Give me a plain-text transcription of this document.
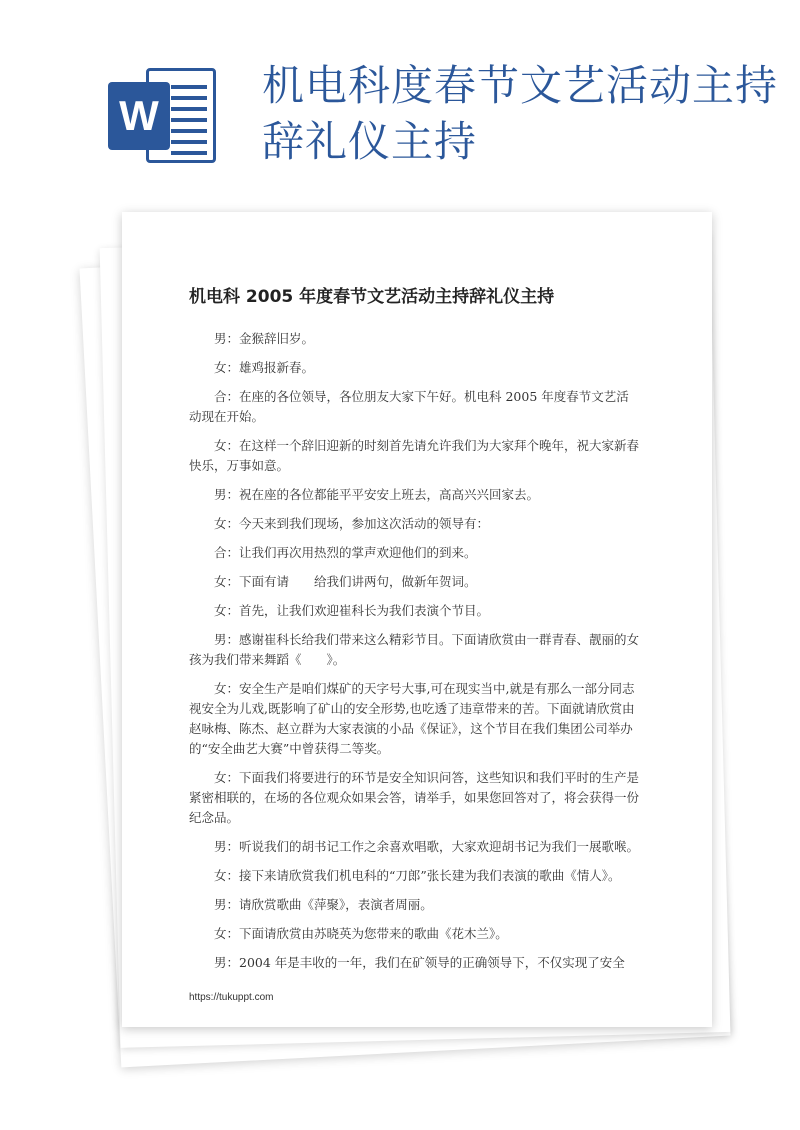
W
机电科度春节文艺活动主持辞礼仪主持
机电科 2005 年度春节文艺活动主持辞礼仪主持

男：金猴辞旧岁。

女：雄鸡报新春。

合：在座的各位领导，各位朋友大家下午好。机电科 2005 年度春节文艺活动现在开始。

女：在这样一个辞旧迎新的时刻首先请允许我们为大家拜个晚年，祝大家新春快乐，万事如意。

男：祝在座的各位都能平平安安上班去，高高兴兴回家去。

女：今天来到我们现场，参加这次活动的领导有：

合：让我们再次用热烈的掌声欢迎他们的到来。

女：下面有请　　给我们讲两句，做新年贺词。

女：首先，让我们欢迎崔科长为我们表演个节目。

男：感谢崔科长给我们带来这么精彩节目。下面请欣赏由一群青春、靓丽的女孩为我们带来舞蹈《　　》。

女：安全生产是咱们煤矿的天字号大事,可在现实当中,就是有那么一部分同志视安全为儿戏,既影响了矿山的安全形势,也吃透了违章带来的苦。下面就请欣赏由赵咏梅、陈杰、赵立群为大家表演的小品《保证》，这个节目在我们集团公司举办的“安全曲艺大赛”中曾获得二等奖。

女：下面我们将要进行的环节是安全知识问答，这些知识和我们平时的生产是紧密相联的，在场的各位观众如果会答，请举手，如果您回答对了，将会获得一份纪念品。

男：听说我们的胡书记工作之余喜欢唱歌，大家欢迎胡书记为我们一展歌喉。

女：接下来请欣赏我们机电科的“刀郎”张长建为我们表演的歌曲《情人》。

男：请欣赏歌曲《萍聚》，表演者周丽。

女：下面请欣赏由苏晓英为您带来的歌曲《花木兰》。

男：2004 年是丰收的一年，我们在矿领导的正确领导下，不仅实现了安全

https://tukuppt.com
